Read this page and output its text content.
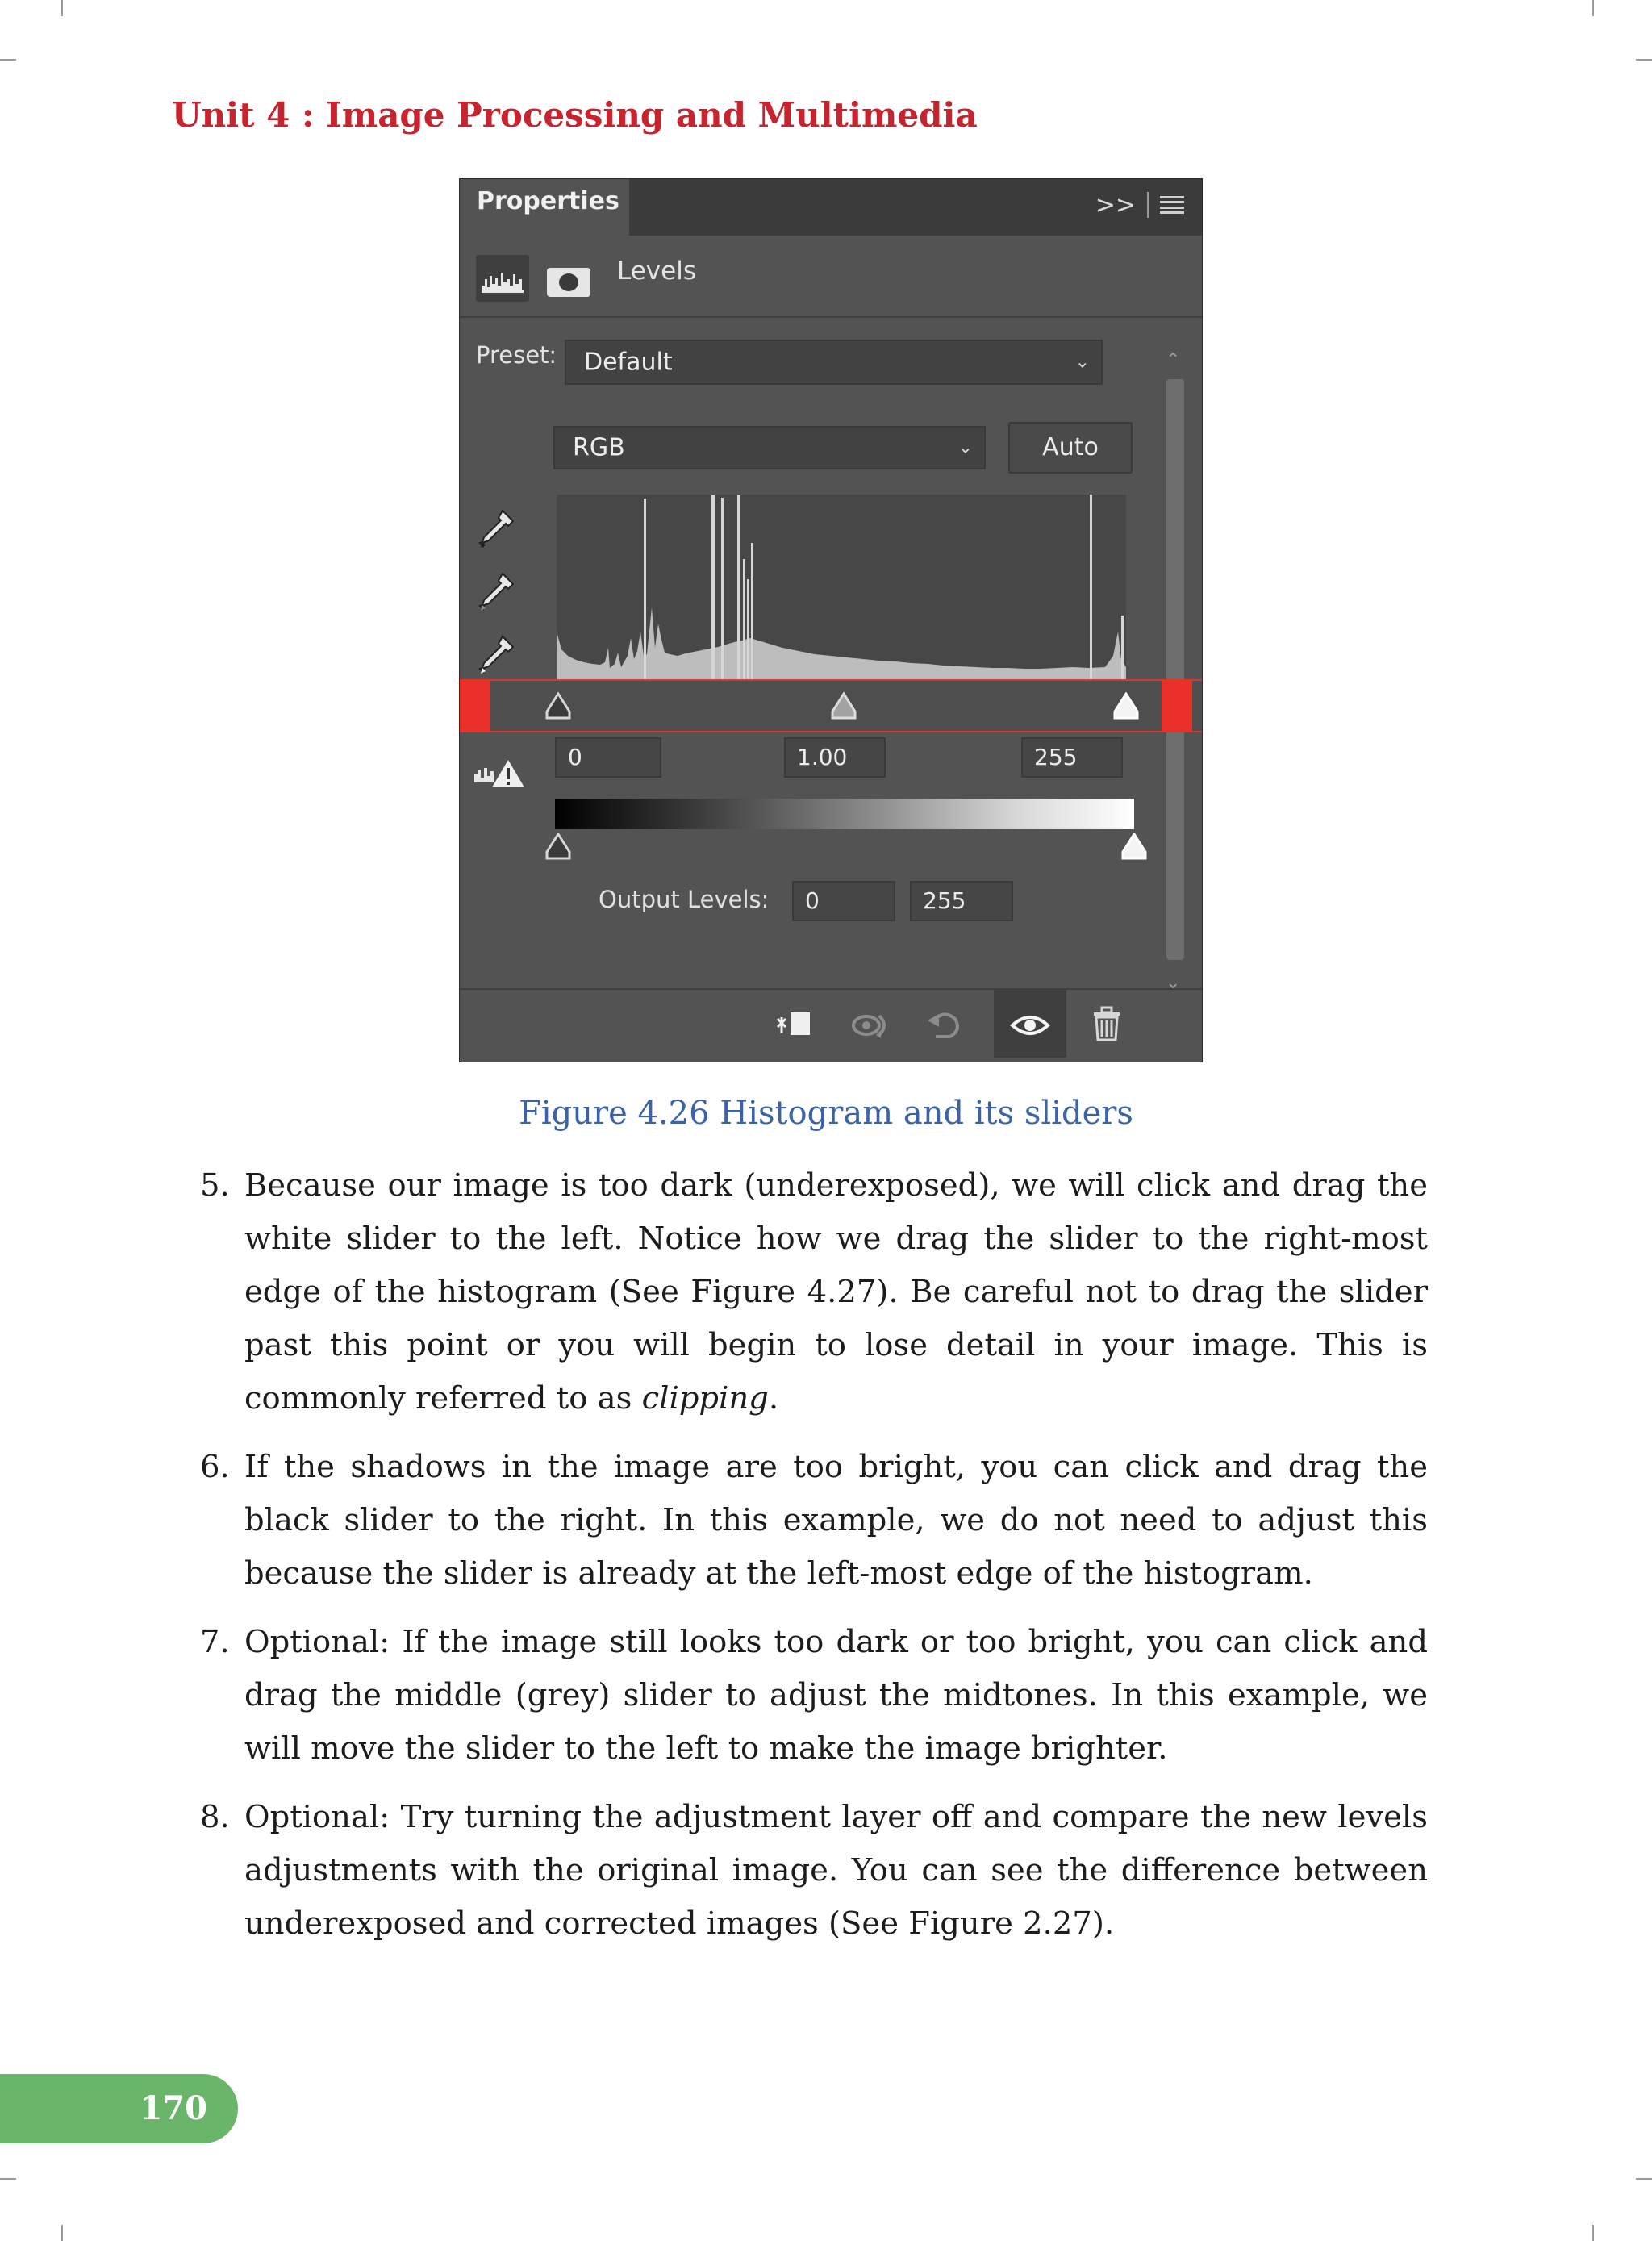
Unit 4 : Image Processing and Multimedia
Properties	>>
Levels
Preset: Default	⌄
RGB	⌄	Auto
⌃
⌄
0	1.00	255
Output Levels:	0	255

Figure 4.26 Histogram and its sliders

5. Because our image is too dark (underexposed), we will click and drag the white slider to the left. Notice how we drag the slider to the right-most edge of the histogram (See Figure 4.27). Be careful not to drag the slider past this point or you will begin to lose detail in your image. This is commonly referred to as clipping.
6. If the shadows in the image are too bright, you can click and drag the black slider to the right. In this example, we do not need to adjust this because the slider is already at the left-most edge of the histogram.
7. Optional: If the image still looks too dark or too bright, you can click and drag the middle (grey) slider to adjust the midtones. In this example, we will move the slider to the left to make the image brighter.
8. Optional: Try turning the adjustment layer off and compare the new levels adjustments with the original image. You can see the difference between underexposed and corrected images (See Figure 2.27).
170
